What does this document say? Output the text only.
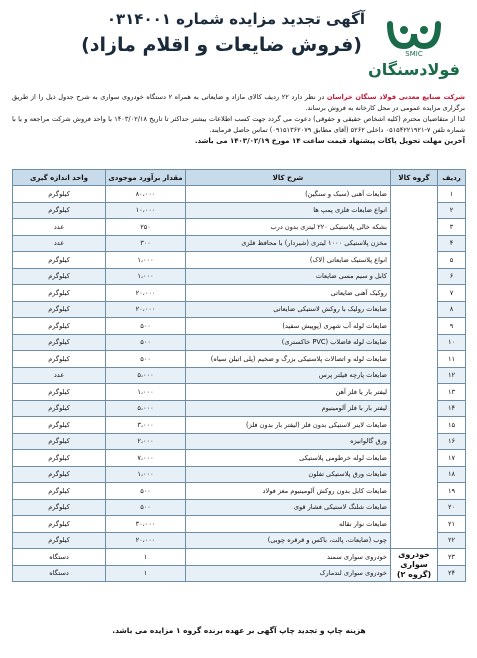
آگهی تجدید مزایده شماره ۰۳۱۴۰۰۱
(فروش ضایعات و اقلام مازاد)	SMIC
فولادسنگان

شرکت صنایع معدنی فولاد سنگان خراسان در نظر دارد ۲۲ ردیف کالای مازاد و ضایعاتی به همراه ۲ دستگاه خودروی سواری به شرح جدول ذیل را از طریق برگزاری مزایده عمومی در محل کارخانه به فروش برساند.

لذا از متقاضیان محترم (کلیه اشخاص حقیقی و حقوقی) دعوت می گردد جهت کسب اطلاعات بیشتر حداکثر تا تاریخ ۱۴۰۳/۰۲/۱۸ با واحد فروش شرکت مراجعه و یا با شماره تلفن ۷-۰۵۱۵۴۲۲۱۹۲۱ داخلی ۵۲۶۲ (آقای مطابق ۰۹۱۵۱۳۶۲۰۷۹) تماس حاصل فرمایند.

آخرین مهلت تحویل پاکات پیشنهاد قیمت ساعت ۱۴ مورخ ۱۴۰۳/۰۲/۱۹ می باشد.

ردیف	گروه کالا	شرح کالا	مقدار برآورد موجودی	واحد اندازه گیری
۱		ضایعات آهنی (سبک و سنگین)	۸۰،۰۰۰	کیلوگرم
۲		انواع ضایعات فلزی پمپ ها	۱۰،۰۰۰	کیلوگرم
۳		بشکه خالی پلاستیکی ۲۲۰ لیتری بدون درب	۲۵۰	عدد
۴		مخزن پلاستیکی ۱۰۰۰ لیتری (شیردار) با محافظ فلزی	۳۰۰	عدد
۵		انواع پلاستیک ضایعاتی (لاک)	۱،۰۰۰	کیلوگرم
۶		کابل و سیم مسی ضایعات	۱،۰۰۰	کیلوگرم
۷		روکیک آهنی ضایعاتی	۲۰،۰۰۰	کیلوگرم
۸		ضایعات رولیک با روکش لاستیکی ضایعاتی	۲۰،۰۰۰	کیلوگرم
۹		ضایعات لوله آب شهری (پوپیش سفید)	۵۰۰	کیلوگرم
۱۰		ضایعات لوله فاضلاب (PVC خاکستری)	۵۰۰	کیلوگرم
۱۱		ضایعات لوله و اتصالات پلاستیکی بزرگ و ضخیم (پلی اتیلن سیاه)	۵۰۰	کیلوگرم
۱۲		ضایعات پارچه فیلتر پرس	۵،۰۰۰	عدد
۱۳		لیفتر بار یا فلز آهن	۱،۰۰۰	کیلوگرم
۱۴		لیفتر بار با فلز آلومینیوم	۵،۰۰۰	کیلوگرم
۱۵		ضایعات لاینر لاستیکی بدون فلز (لیفتر بار بدون فلز)	۳،۰۰۰	کیلوگرم
۱۶		ورق گالوانیزه	۲،۰۰۰	کیلوگرم
۱۷		ضایعات لوله خرطومی پلاستیکی	۷،۰۰۰	کیلوگرم
۱۸		ضایعات ورق پلاستیکی تفلون	۱،۰۰۰	کیلوگرم
۱۹		ضایعات کابل بدون روکش آلومینیوم مغز فولاد	۵۰۰	کیلوگرم
۲۰		ضایعات شلنگ لاستیکی فشار قوی	۵۰۰	کیلوگرم
۲۱		ضایعات نوار نقاله	۳۰،۰۰۰	کیلوگرم
۲۲		چوب (ضایعات، پالت، باکس و قرقره چوبی)	۲۰،۰۰۰	کیلوگرم
۲۳	خودروی سواری (گروه ۲)	خودروی سواری سمند	۱	دستگاه
۲۴		خودروی سواری لندمارک	۱	دستگاه
هزینه چاپ و تجدید چاپ آگهی بر عهده برنده گروه ۱ مزایده می باشد.
